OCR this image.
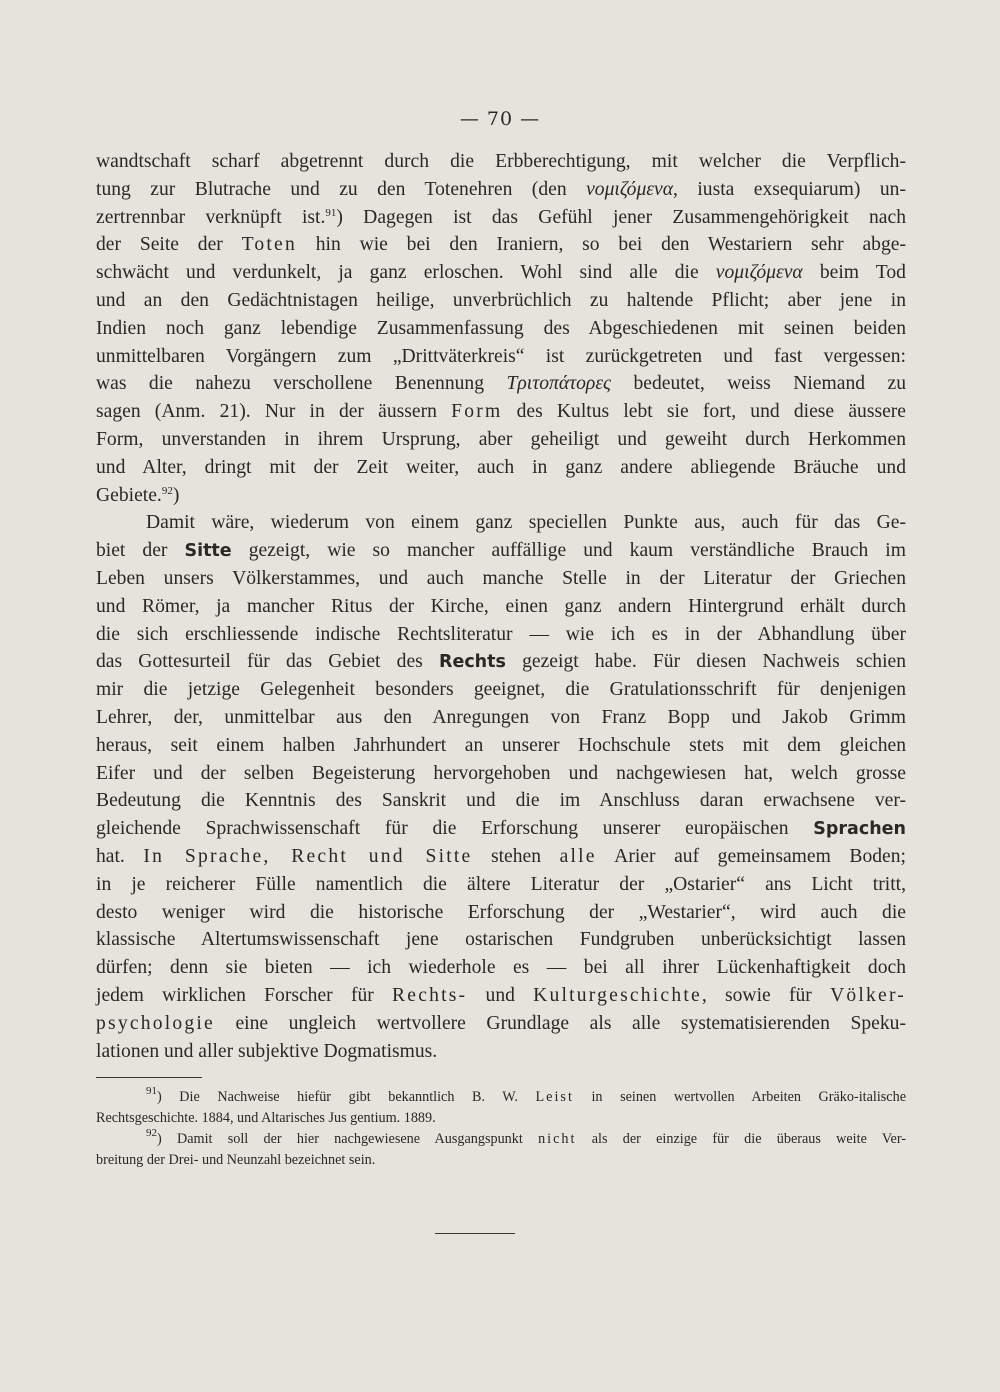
— 70 —
wandtschaft scharf abgetrennt durch die Erbberechtigung, mit welcher die Verpflich-
tung zur Blutrache und zu den Totenehren (den νομιζόμενα, iusta exsequiarum) un-
zertrennbar verknüpft ist.$^{91}$) Dagegen ist das Gefühl jener Zusammengehörigkeit nach
der Seite der Toten hin wie bei den Iraniern, so bei den Westariern sehr abge-
schwächt und verdunkelt, ja ganz erloschen. Wohl sind alle die νομιζόμενα beim Tod
und an den Gedächtnistagen heilige, unverbrüchlich zu haltende Pflicht; aber jene in
Indien noch ganz lebendige Zusammenfassung des Abgeschiedenen mit seinen beiden
unmittelbaren Vorgängern zum „Drittväterkreis“ ist zurückgetreten und fast vergessen:
was die nahezu verschollene Benennung Τριτοπάτορες bedeutet, weiss Niemand zu
sagen (Anm. 21). Nur in der äussern Form des Kultus lebt sie fort, und diese äussere
Form, unverstanden in ihrem Ursprung, aber geheiligt und geweiht durch Herkommen
und Alter, dringt mit der Zeit weiter, auch in ganz andere abliegende Bräuche und
Gebiete.$^{92}$)
Damit wäre, wiederum von einem ganz speciellen Punkte aus, auch für das Ge-
biet der Sitte gezeigt, wie so mancher auffällige und kaum verständliche Brauch im
Leben unsers Völkerstammes, und auch manche Stelle in der Literatur der Griechen
und Römer, ja mancher Ritus der Kirche, einen ganz andern Hintergrund erhält durch
die sich erschliessende indische Rechtsliteratur — wie ich es in der Abhandlung über
das Gottesurteil für das Gebiet des Rechts gezeigt habe. Für diesen Nachweis schien
mir die jetzige Gelegenheit besonders geeignet, die Gratulationsschrift für denjenigen
Lehrer, der, unmittelbar aus den Anregungen von Franz Bopp und Jakob Grimm
heraus, seit einem halben Jahrhundert an unserer Hochschule stets mit dem gleichen
Eifer und der selben Begeisterung hervorgehoben und nachgewiesen hat, welch grosse
Bedeutung die Kenntnis des Sanskrit und die im Anschluss daran erwachsene ver-
gleichende Sprachwissenschaft für die Erforschung unserer europäischen Sprachen
hat. In Sprache, Recht und Sitte stehen alle Arier auf gemeinsamem Boden;
in je reicherer Fülle namentlich die ältere Literatur der „Ostarier“ ans Licht tritt,
desto weniger wird die historische Erforschung der „Westarier“, wird auch die
klassische Altertumswissenschaft jene ostarischen Fundgruben unberücksichtigt lassen
dürfen; denn sie bieten — ich wiederhole es — bei all ihrer Lückenhaftigkeit doch
jedem wirklichen Forscher für Rechts- und Kulturgeschichte, sowie für Völker-
psychologie eine ungleich wertvollere Grundlage als alle systematisierenden Speku-
lationen und aller subjektive Dogmatismus.
$^{91}$) Die Nachweise hiefür gibt bekanntlich B. W. Leist in seinen wertvollen Arbeiten Gräko-italische
Rechtsgeschichte. 1884, und Altarisches Jus gentium. 1889.
$^{92}$) Damit soll der hier nachgewiesene Ausgangspunkt nicht als der einzige für die überaus weite Ver-
breitung der Drei- und Neunzahl bezeichnet sein.
